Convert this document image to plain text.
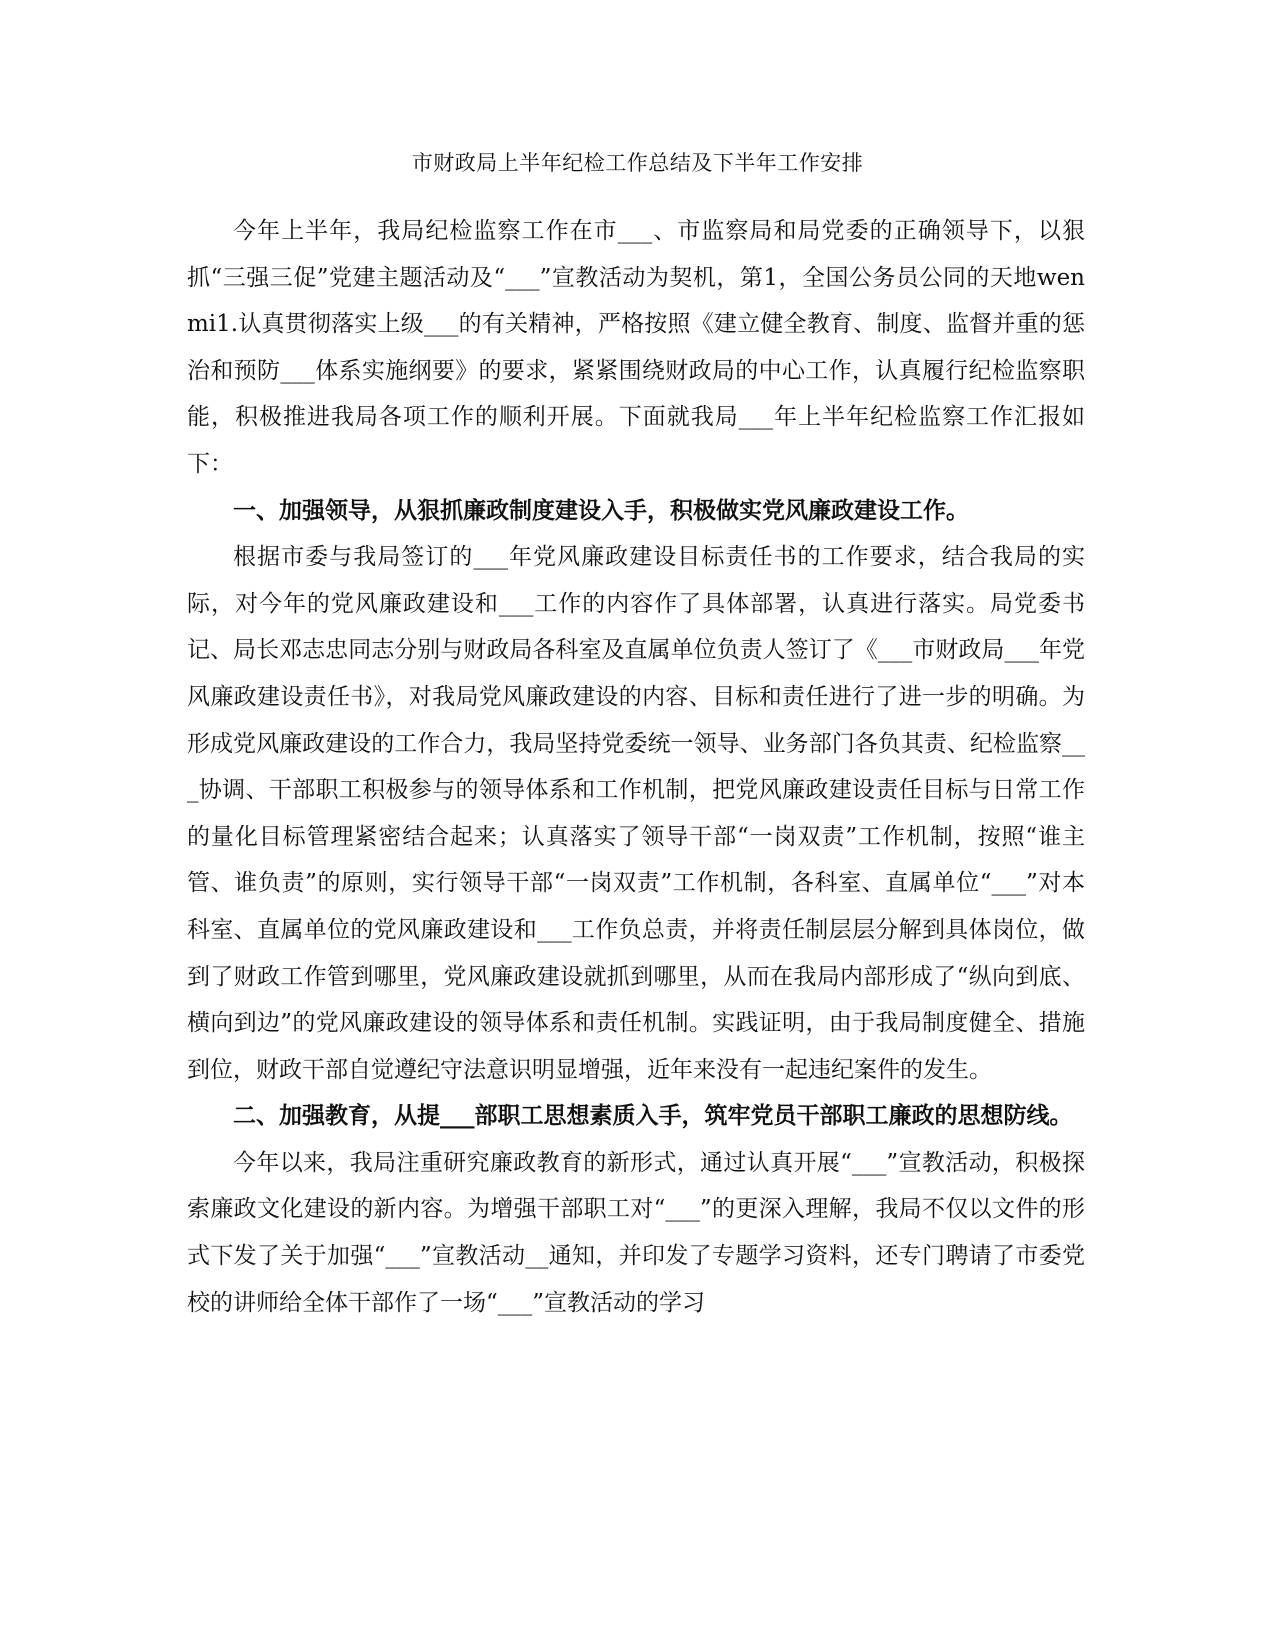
市财政局上半年纪检工作总结及下半年工作安排

今年上半年，我局纪检监察工作在市___、市监察局和局党委的正确领导下，以狠抓“三强三促”党建主题活动及“___”宣教活动为契机，第1，全国公务员公同的天地wenmi1.认真贯彻落实上级___的有关精神，严格按照《建立健全教育、制度、监督并重的惩治和预防___体系实施纲要》的要求，紧紧围绕财政局的中心工作，认真履行纪检监察职能，积极推进我局各项工作的顺利开展。下面就我局___年上半年纪检监察工作汇报如下：

一、加强领导，从狠抓廉政制度建设入手，积极做实党风廉政建设工作。

根据市委与我局签订的___年党风廉政建设目标责任书的工作要求，结合我局的实际，对今年的党风廉政建设和___工作的内容作了具体部署，认真进行落实。局党委书记、局长邓志忠同志分别与财政局各科室及直属单位负责人签订了《___市财政局___年党风廉政建设责任书》，对我局党风廉政建设的内容、目标和责任进行了进一步的明确。为形成党风廉政建设的工作合力，我局坚持党委统一领导、业务部门各负其责、纪检监察___协调、干部职工积极参与的领导体系和工作机制，把党风廉政建设责任目标与日常工作的量化目标管理紧密结合起来；认真落实了领导干部“一岗双责”工作机制，按照“谁主管、谁负责”的原则，实行领导干部“一岗双责”工作机制，各科室、直属单位“___”对本科室、直属单位的党风廉政建设和___工作负总责，并将责任制层层分解到具体岗位，做到了财政工作管到哪里，党风廉政建设就抓到哪里，从而在我局内部形成了“纵向到底、横向到边”的党风廉政建设的领导体系和责任机制。实践证明，由于我局制度健全、措施到位，财政干部自觉遵纪守法意识明显增强，近年来没有一起违纪案件的发生。

二、加强教育，从提___部职工思想素质入手，筑牢党员干部职工廉政的思想防线。

今年以来，我局注重研究廉政教育的新形式，通过认真开展“___”宣教活动，积极探索廉政文化建设的新内容。为增强干部职工对“___”的更深入理解，我局不仅以文件的形式下发了关于加强“___”宣教活动__通知，并印发了专题学习资料，还专门聘请了市委党校的讲师给全体干部作了一场“___”宣教活动的学习
